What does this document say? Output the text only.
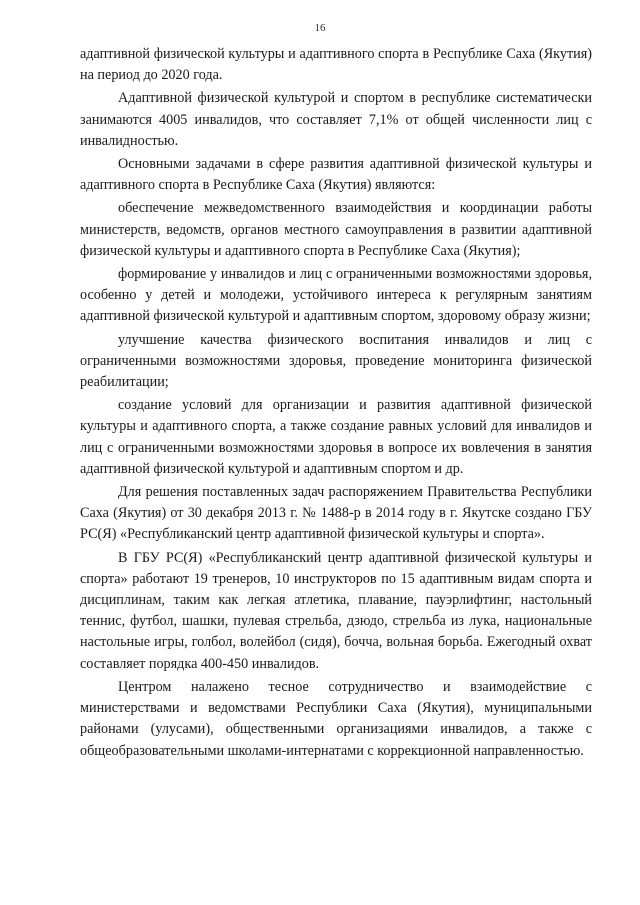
16

адаптивной физической культуры и адаптивного спорта в Республике Саха (Якутия) на период до 2020 года.

Адаптивной физической культурой и спортом в республике систематически занимаются 4005 инвалидов, что составляет 7,1% от общей численности лиц с инвалидностью.

Основными задачами в сфере развития адаптивной физической культуры и адаптивного спорта в Республике Саха (Якутия) являются:

обеспечение межведомственного взаимодействия и координации работы министерств, ведомств, органов местного самоуправления в развитии адаптивной физической культуры и адаптивного спорта в Республике Саха (Якутия);

формирование у инвалидов и лиц с ограниченными возможностями здоровья, особенно у детей и молодежи, устойчивого интереса к регулярным занятиям адаптивной физической культурой и адаптивным спортом, здоровому образу жизни;

улучшение качества физического воспитания инвалидов и лиц с ограниченными возможностями здоровья, проведение мониторинга физической реабилитации;

создание условий для организации и развития адаптивной физической культуры и адаптивного спорта, а также создание равных условий для инвалидов и лиц с ограниченными возможностями здоровья в вопросе их вовлечения в занятия адаптивной физической культурой и адаптивным спортом и др.

Для решения поставленных задач распоряжением Правительства Республики Саха (Якутия) от 30 декабря 2013 г. № 1488-р в 2014 году в г. Якутске создано ГБУ РС(Я) «Республиканский центр адаптивной физической культуры и спорта».

В ГБУ РС(Я) «Республиканский центр адаптивной физической культуры и спорта» работают 19 тренеров, 10 инструкторов по 15 адаптивным видам спорта и дисциплинам, таким как легкая атлетика, плавание, пауэрлифтинг, настольный теннис, футбол, шашки, пулевая стрельба, дзюдо, стрельба из лука, национальные настольные игры, голбол, волейбол (сидя), бочча, вольная борьба. Ежегодный охват составляет порядка 400-450 инвалидов.

Центром налажено тесное сотрудничество и взаимодействие с министерствами и ведомствами Республики Саха (Якутия), муниципальными районами (улусами), общественными организациями инвалидов, а также с общеобразовательными школами-интернатами с коррекционной направленностью.
